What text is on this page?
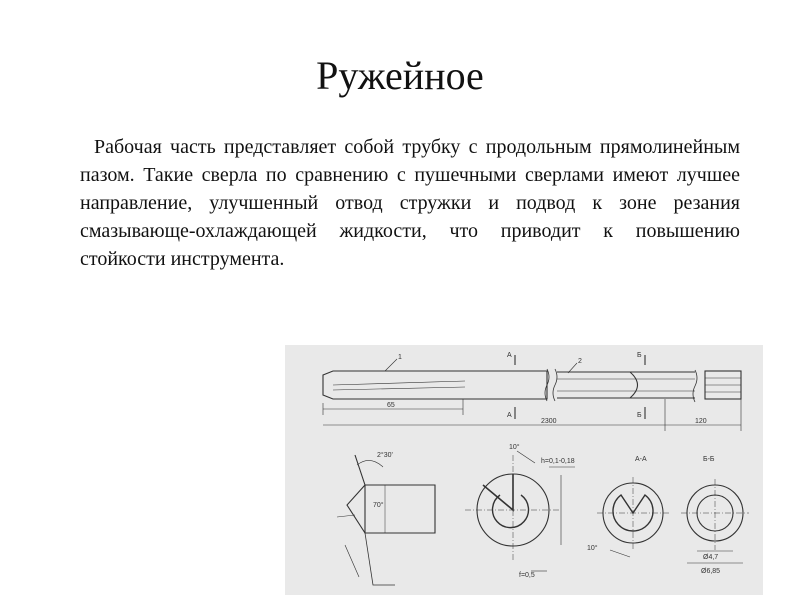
Ружейное
Рабочая часть представляет собой трубку с продольным прямолинейным пазом. Такие сверла по сравнению с пушечными сверлами имеют лучшее направление, улучшенный отвод стружки и подвод к зоне резания смазывающе-охлаждающей жидкости, что приводит к повышению стойкости инструмента.
1
2
А
А
Б
Б
65
2300	120
2°30'
70°
10°
h=0,1-0,18
f=0,5
А-А
10°
Б-Б
Ø4,7
Ø6,85
